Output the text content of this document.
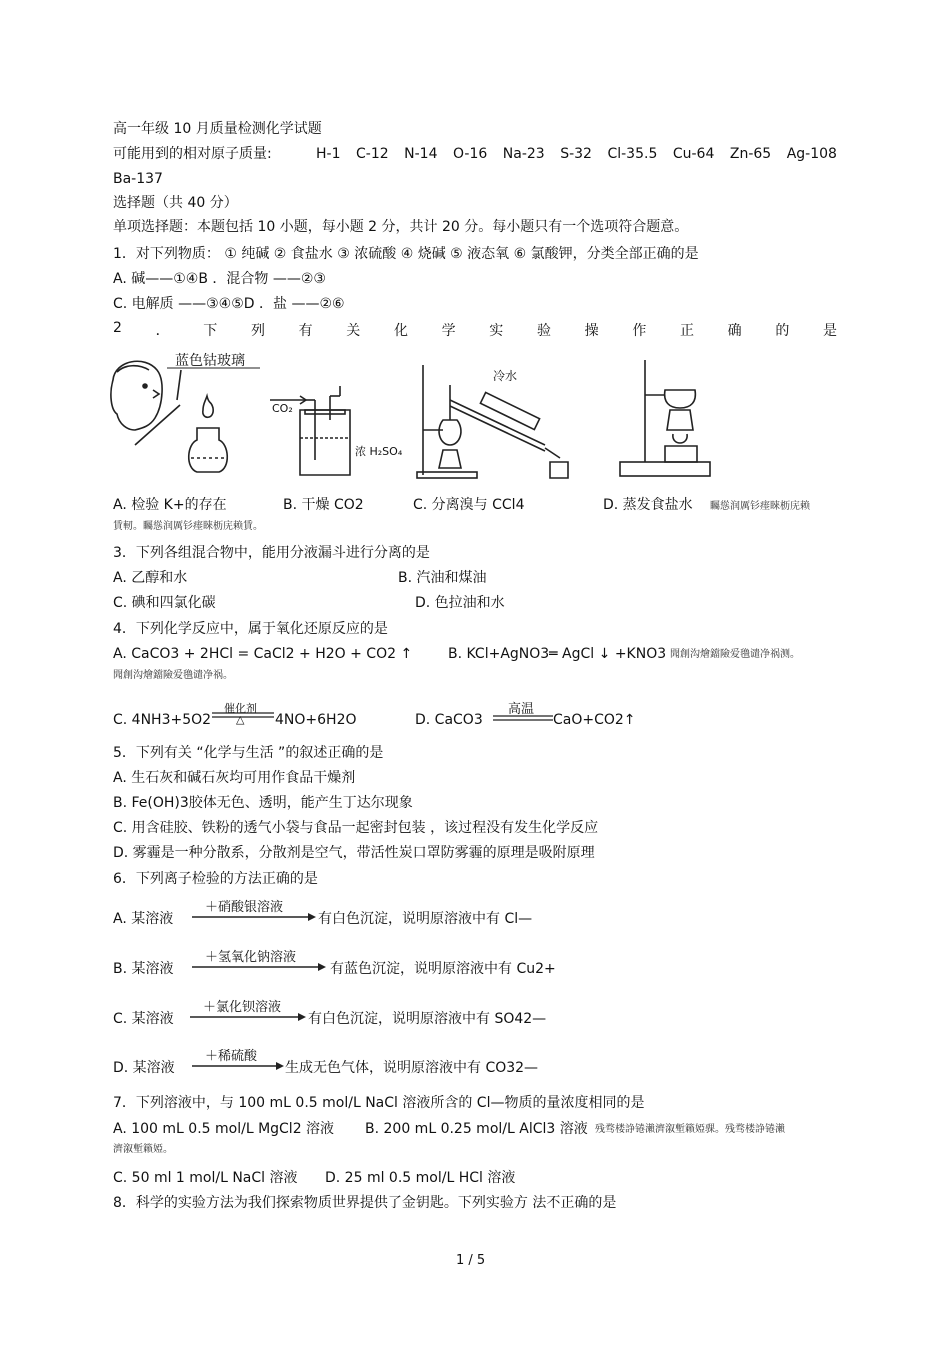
高一年级 10 月质量检测化学试题
可能用到的相对原子质量:	H-1 C-12 N-14 O-16 Na-23 S-32 Cl-35.5 Cu-64 Zn-65 Ag-108
Ba-137
选择题（共 40 分）
单项选择题：本题包括 10 小题，每小题 2 分，共计 20 分。每小题只有一个选项符合题意。
1．对下列物质： ① 纯碱 ② 食盐水 ③ 浓硫酸 ④ 烧碱 ⑤ 液态氧 ⑥ 氯酸钾，分类全部正确的是
A. 碱——①④B ．混合物 ——②③
C. 电解质 ——③④⑤D ．盐 ——②⑥
2 ． 下 列 有 关 化 学 实 验 操 作 正 确 的 是
蓝色钴玻璃
CO₂
浓 H₂SO₄
冷水
A. 检验 K+的存在	B. 干燥 CO2	C. 分离溴与 CCl4	D. 蒸发食盐水 矚慫润厲钐瘗睞枥庑赖
賃軔。矚慫润厲钐瘗睞枥庑赖賃。
3．下列各组混合物中，能用分液漏斗进行分离的是
A. 乙醇和水	B. 汽油和煤油
C. 碘和四氯化碳	D. 色拉油和水
4．下列化学反应中，属于氧化还原反应的是
A. CaCO3 + 2HCl = CaCl2 + H2O + CO2 ↑	B. KCl+AgNO3═ AgCl ↓ +KNO3 聞創沟燴鐺險爱氇谴净祸测。
聞創沟燴鐺險爱氇谴净祸。
C. 4NH3+5O2
催化剂
△ 4NO+6H2O	D. CaCO3
高温
CaO+CO2↑
5．下列有关 “化学与生活 ”的叙述正确的是
A. 生石灰和碱石灰均可用作食品干燥剂
B. Fe(OH)3胶体无色、透明，能产生丁达尔现象
C. 用含硅胶、铁粉的透气小袋与食品一起密封包装 ，该过程没有发生化学反应
D. 雾霾是一种分散系，分散剂是空气，带活性炭口罩防雾霾的原理是吸附原理
6．下列离子检验的方法正确的是
A. 某溶液
＋硝酸银溶液
有白色沉淀，说明原溶液中有 Cl—
B. 某溶液
＋氢氧化钠溶液
有蓝色沉淀，说明原溶液中有 Cu2+
C. 某溶液
＋氯化钡溶液
有白色沉淀，说明原溶液中有 SO42—
D. 某溶液
＋稀硫酸
生成无色气体，说明原溶液中有 CO32—
7．下列溶液中，与 100 mL 0.5 mol/L NaCl 溶液所含的 Cl—物质的量浓度相同的是
A. 100 mL 0.5 mol/L MgCl2 溶液 B. 200 mL 0.25 mol/L AlCl3 溶液 残骛楼諍锩瀨濟溆塹籟婭骒。残骛楼諍锩瀨
濟溆塹籟婭。
C. 50 ml 1 mol/L NaCl 溶液 D. 25 ml 0.5 mol/L HCl 溶液
8．科学的实验方法为我们探索物质世界提供了金钥匙。下列实验方 法不正确的是
1 / 5
